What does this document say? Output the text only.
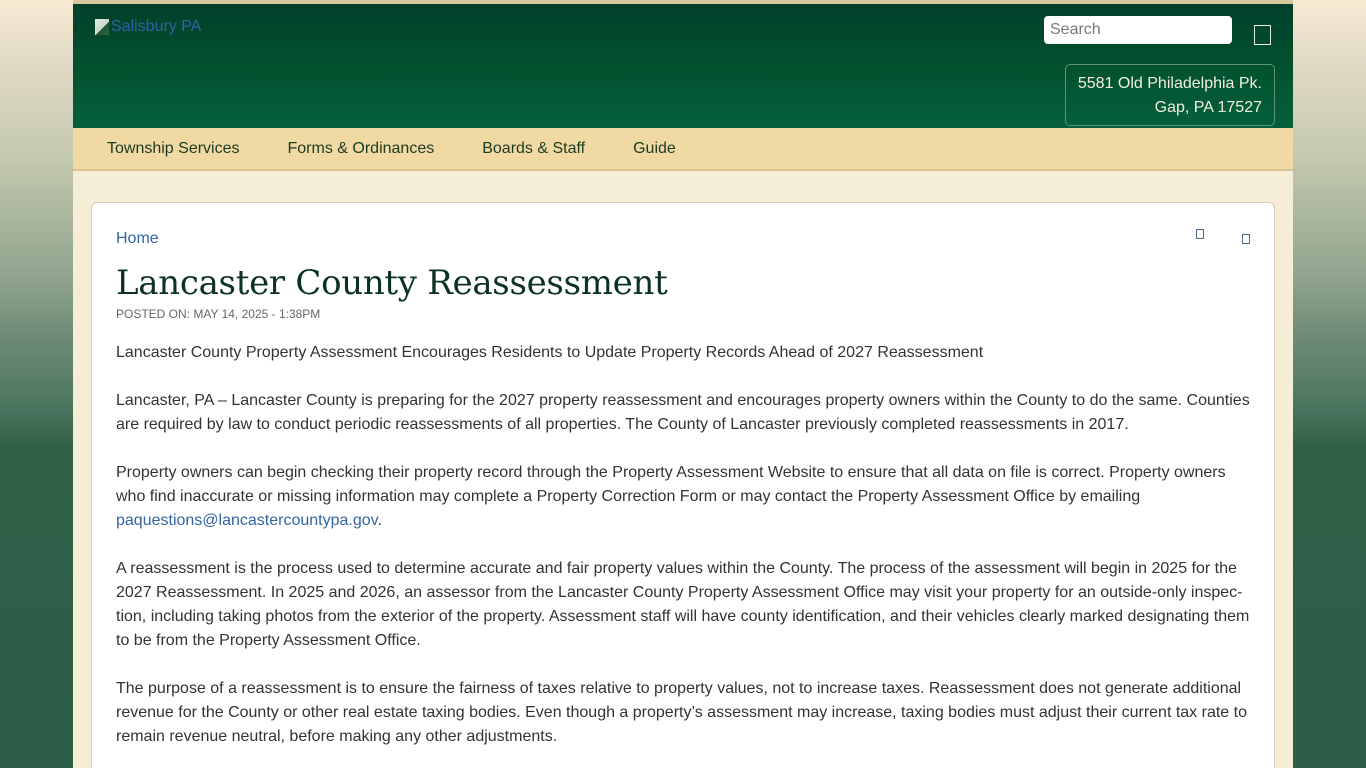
Salisbury PA
Search
5581 Old Philadelphia Pk.
Gap, PA 17527
Township Services	Forms & Ordinances	Boards & Staff	Guide
Home
Lancaster County Reassessment
POSTED ON: MAY 14, 2025 - 1:38PM

Lancaster County Property Assessment Encourages Residents to Update Property Records Ahead of 2027 Reassessment

Lancaster, PA – Lancaster County is preparing for the 2027 property reassessment and encourages property owners within the County to do the same. Counties are required by law to conduct periodic reassessments of all properties. The County of Lancaster previously completed reassessments in 2017.

Property owners can begin checking their property record through the Property Assessment Website to ensure that all data on file is correct. Property owners who find inaccurate or missing information may complete a Property Correction Form or may contact the Property Assessment Office by emailing paquestions@lancastercountypa.gov.

A reassessment is the process used to determine accurate and fair property values within the County. The process of the assessment will begin in 2025 for the 2027 Reassessment. In 2025 and 2026, an assessor from the Lancaster County Property Assessment Office may visit your property for an outside-only inspection, including taking photos from the exterior of the property. Assessment staff will have county identification, and their vehicles clearly marked designating them to be from the Property Assessment Office.

The purpose of a reassessment is to ensure the fairness of taxes relative to property values, not to increase taxes. Reassessment does not generate additional revenue for the County or other real estate taxing bodies. Even though a property’s assessment may increase, taxing bodies must adjust their current tax rate to remain revenue neutral, before making any other adjustments.
